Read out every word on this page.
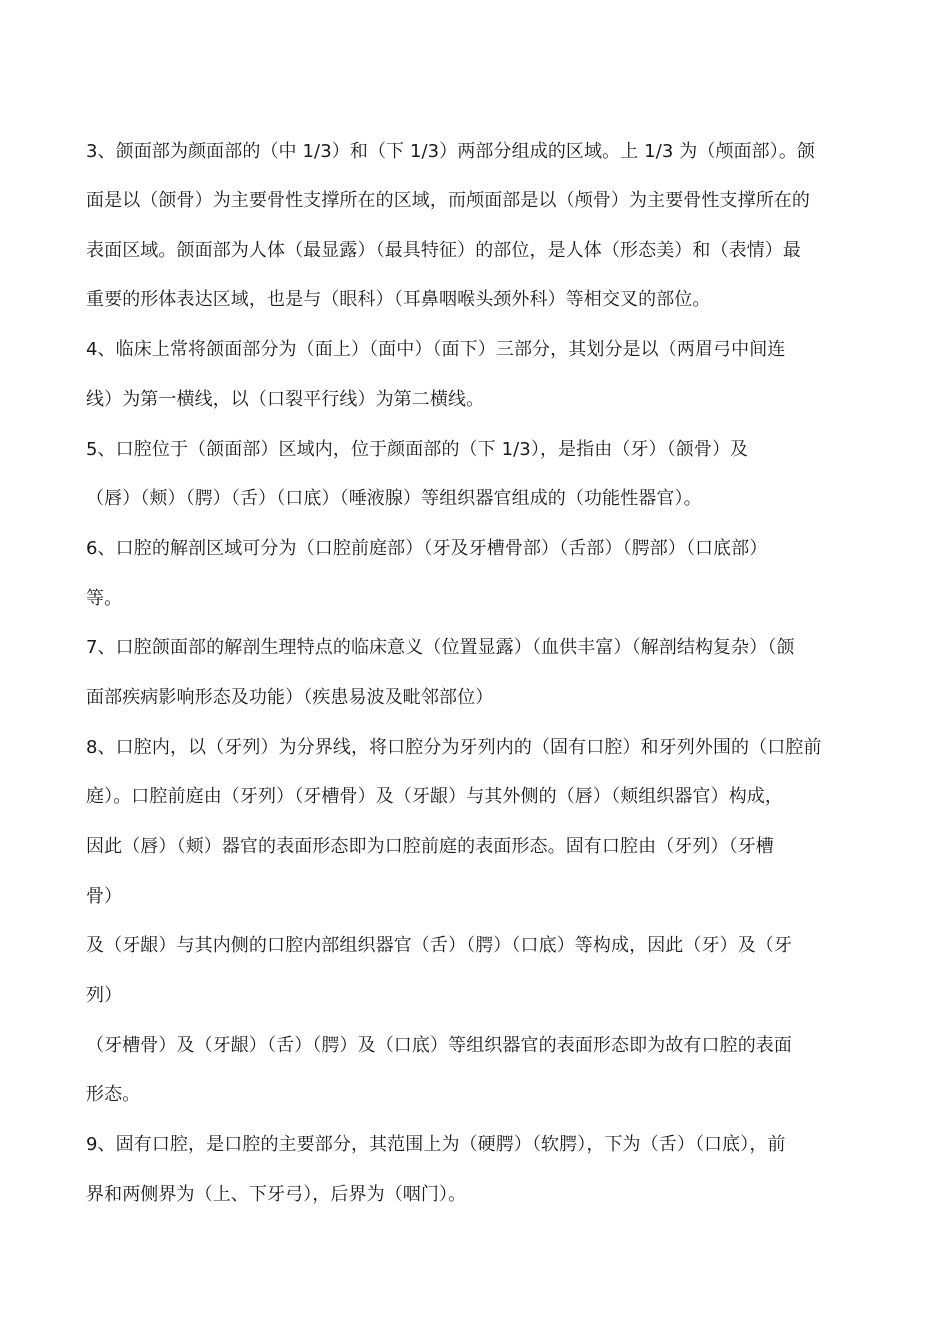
3、颌面部为颜面部的（中 1/3）和（下 1/3）两部分组成的区域。上 1/3 为（颅面部）。颌
面是以（颌骨）为主要骨性支撑所在的区域，而颅面部是以（颅骨）为主要骨性支撑所在的
表面区域。颌面部为人体（最显露）（最具特征）的部位，是人体（形态美）和（表情）最
重要的形体表达区域，也是与（眼科）（耳鼻咽喉头颈外科）等相交叉的部位。
4、临床上常将颌面部分为（面上）（面中）（面下）三部分，其划分是以（两眉弓中间连
线）为第一横线，以（口裂平行线）为第二横线。
5、口腔位于（颌面部）区域内，位于颜面部的（下 1/3），是指由（牙）（颌骨）及
（唇）（颊）（腭）（舌）（口底）（唾液腺）等组织器官组成的（功能性器官）。
6、口腔的解剖区域可分为（口腔前庭部）（牙及牙槽骨部）（舌部）（腭部）（口底部）
等。
7、口腔颌面部的解剖生理特点的临床意义（位置显露）（血供丰富）（解剖结构复杂）（颌
面部疾病影响形态及功能）（疾患易波及毗邻部位）
8、口腔内，以（牙列）为分界线，将口腔分为牙列内的（固有口腔）和牙列外围的（口腔前
庭）。口腔前庭由（牙列）（牙槽骨）及（牙龈）与其外侧的（唇）（颊组织器官）构成，
因此（唇）（颊）器官的表面形态即为口腔前庭的表面形态。固有口腔由（牙列）（牙槽
骨）
及（牙龈）与其内侧的口腔内部组织器官（舌）（腭）（口底）等构成，因此（牙）及（牙
列）
（牙槽骨）及（牙龈）（舌）（腭）及（口底）等组织器官的表面形态即为故有口腔的表面
形态。
9、固有口腔，是口腔的主要部分，其范围上为（硬腭）（软腭），下为（舌）（口底），前
界和两侧界为（上、下牙弓），后界为（咽门）。
